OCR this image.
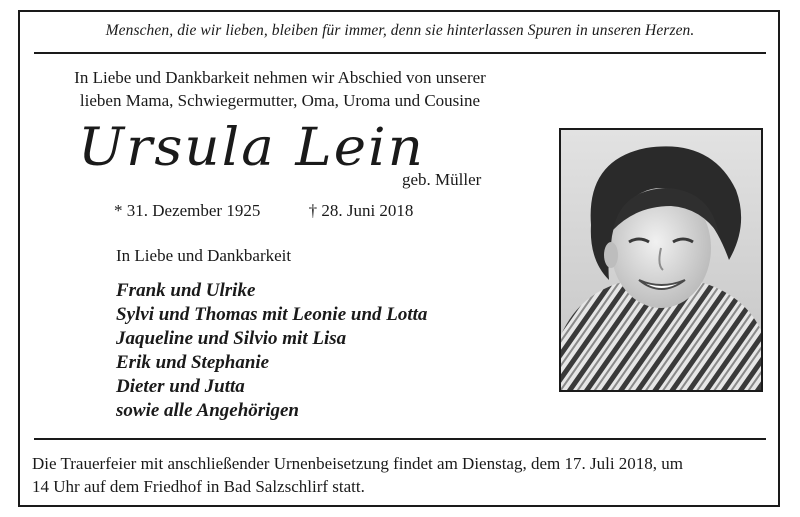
Menschen, die wir lieben, bleiben für immer, denn sie hinterlassen Spuren in unseren Herzen.
In Liebe und Dankbarkeit nehmen wir Abschied von unserer
lieben Mama, Schwiegermutter, Oma, Uroma und Cousine
Ursula Lein
geb. Müller
* 31. Dezember 1925	† 28. Juni 2018
In Liebe und Dankbarkeit
Frank und Ulrike
Sylvi und Thomas mit Leonie und Lotta
Jaqueline und Silvio mit Lisa
Erik und Stephanie
Dieter und Jutta
sowie alle Angehörigen
Die Trauerfeier mit anschließender Urnenbeisetzung findet am Dienstag, dem 17. Juli 2018, um
14 Uhr auf dem Friedhof in Bad Salzschlirf statt.
